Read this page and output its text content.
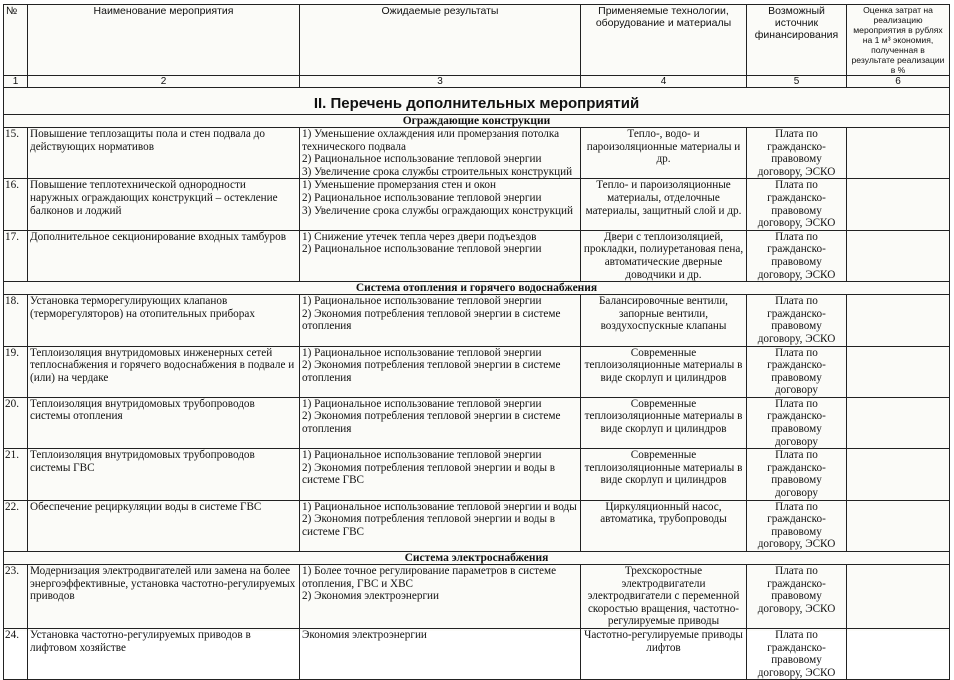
№	Наименование мероприятия	Ожидаемые результаты	Применяемые технологии, оборудование и материалы	Возможный источник финансирования	Оценка затрат на реализацию мероприятия в рублях на 1 м³ экономия, полученная в результате реализации в %
1	2	3	4	5	6
II. Перечень дополнительных мероприятий					
Ограждающие конструкции					
15.	Повышение теплозащиты пола и стен подвала до действующих нормативов	1) Уменьшение охлаждения или промерзания потолка технического подвала
2) Рациональное использование тепловой энергии
3) Увеличение срока службы строительных конструкций	Тепло-, водо- и пароизоляционные материалы и др.	Плата по гражданско-правовому договору, ЭСКО	
16.	Повышение теплотехнической однородности наружных ограждающих конструкций – остекление балконов и лоджий	1) Уменьшение промерзания стен и окон
2) Рациональное использование тепловой энергии
3) Увеличение срока службы ограждающих конструкций	Тепло- и пароизоляционные материалы, отделочные материалы, защитный слой и др.	Плата по гражданско-правовому договору, ЭСКО	
17.	Дополнительное секционирование входных тамбуров	1) Снижение утечек тепла через двери подъездов
2) Рациональное использование тепловой энергии	Двери с теплоизоляцией, прокладки, полиуретановая пена, автоматические дверные доводчики и др.	Плата по гражданско-правовому договору, ЭСКО	
Система отопления и горячего водоснабжения					
18.	Установка терморегулирующих клапанов (терморегуляторов) на отопительных приборах	1) Рациональное использование тепловой энергии
2) Экономия потребления тепловой энергии в системе отопления	Балансировочные вентили, запорные вентили, воздухоспускные клапаны	Плата по гражданско-правовому договору, ЭСКО	
19.	Теплоизоляция внутридомовых инженерных сетей теплоснабжения и горячего водоснабжения в подвале и (или) на чердаке	1) Рациональное использование тепловой энергии
2) Экономия потребления тепловой энергии в системе отопления	Современные теплоизоляционные материалы в виде скорлуп и цилиндров	Плата по гражданско-правовому договору	
20.	Теплоизоляция внутридомовых трубопроводов системы отопления	1) Рациональное использование тепловой энергии
2) Экономия потребления тепловой энергии в системе отопления	Современные теплоизоляционные материалы в виде скорлуп и цилиндров	Плата по гражданско-правовому договору	
21.	Теплоизоляция внутридомовых трубопроводов системы ГВС	1) Рациональное использование тепловой энергии
2) Экономия потребления тепловой энергии и воды в системе ГВС	Современные теплоизоляционные материалы в виде скорлуп и цилиндров	Плата по гражданско-правовому договору	
22.	Обеспечение рециркуляции воды в системе ГВС	1) Рациональное использование тепловой энергии и воды
2) Экономия потребления тепловой энергии и воды в системе ГВС	Циркуляционный насос, автоматика, трубопроводы	Плата по гражданско-правовому договору, ЭСКО	
Система электроснабжения					
23.	Модернизация электродвигателей или замена на более энергоэффективные, установка частотно-регулируемых приводов	1) Более точное регулирование параметров в системе отопления, ГВС и ХВС
2) Экономия электроэнергии	Трехскоростные электродвигатели электродвигатели с переменной скоростью вращения, частотно-регулируемые приводы	Плата по гражданско-правовому договору, ЭСКО	
24.	Установка частотно-регулируемых приводов в лифтовом хозяйстве	Экономия электроэнергии	Частотно-регулируемые приводы лифтов	Плата по гражданско-правовому договору, ЭСКО	
